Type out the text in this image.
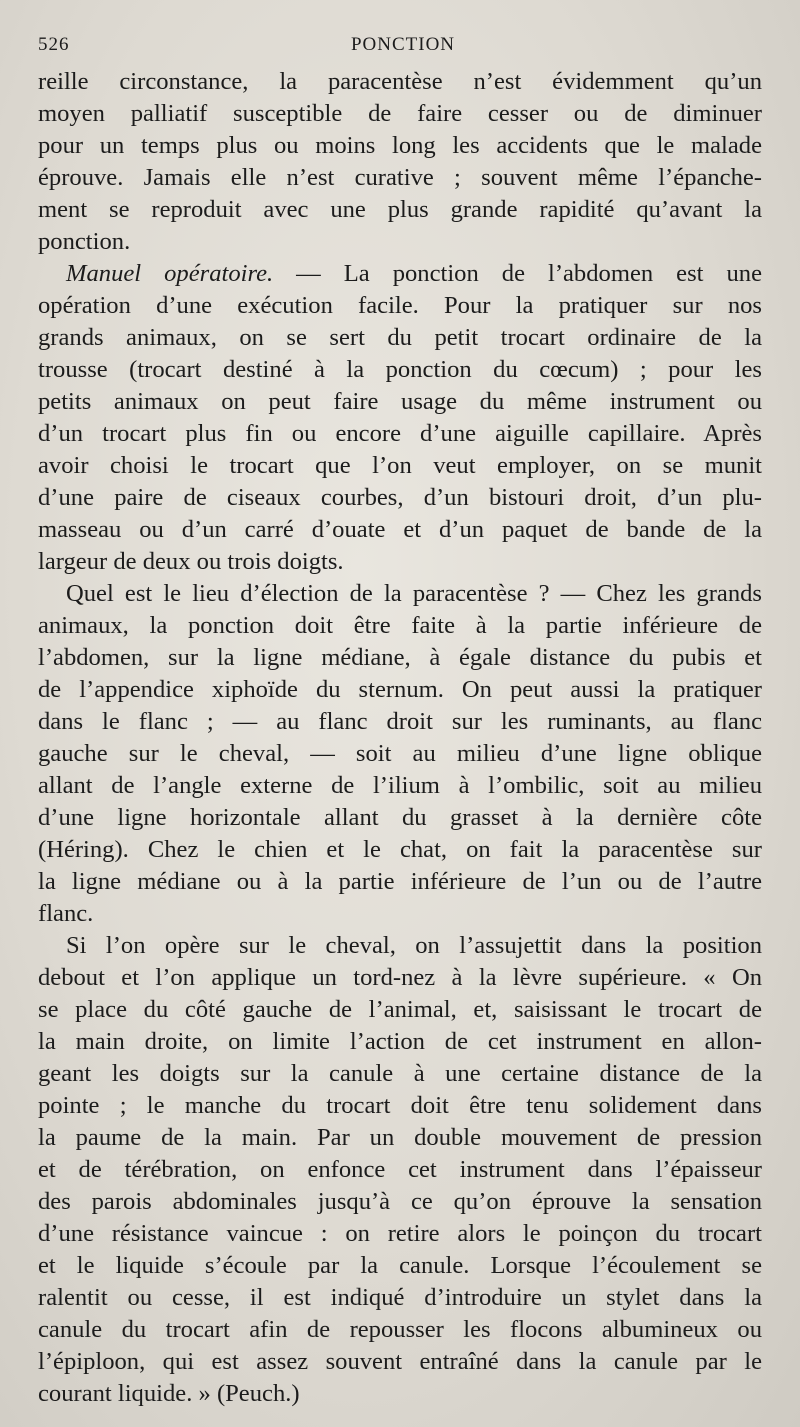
526	PONCTION
reille circonstance, la paracentèse n’est évidemment qu’un
moyen palliatif susceptible de faire cesser ou de diminuer
pour un temps plus ou moins long les accidents que le malade
éprouve. Jamais elle n’est curative ; souvent même l’épanche-
ment se reproduit avec une plus grande rapidité qu’avant la
ponction.
Manuel opératoire. — La ponction de l’abdomen est une
opération d’une exécution facile. Pour la pratiquer sur nos
grands animaux, on se sert du petit trocart ordinaire de la
trousse (trocart destiné à la ponction du cœcum) ; pour les
petits animaux on peut faire usage du même instrument ou
d’un trocart plus fin ou encore d’une aiguille capillaire. Après
avoir choisi le trocart que l’on veut employer, on se munit
d’une paire de ciseaux courbes, d’un bistouri droit, d’un plu-
masseau ou d’un carré d’ouate et d’un paquet de bande de la
largeur de deux ou trois doigts.
Quel est le lieu d’élection de la paracentèse ? — Chez les grands
animaux, la ponction doit être faite à la partie inférieure de
l’abdomen, sur la ligne médiane, à égale distance du pubis et
de l’appendice xiphoïde du sternum. On peut aussi la pratiquer
dans le flanc ; — au flanc droit sur les ruminants, au flanc
gauche sur le cheval, — soit au milieu d’une ligne oblique
allant de l’angle externe de l’ilium à l’ombilic, soit au milieu
d’une ligne horizontale allant du grasset à la dernière côte
(Héring). Chez le chien et le chat, on fait la paracentèse sur
la ligne médiane ou à la partie inférieure de l’un ou de l’autre
flanc.
Si l’on opère sur le cheval, on l’assujettit dans la position
debout et l’on applique un tord-nez à la lèvre supérieure. « On
se place du côté gauche de l’animal, et, saisissant le trocart de
la main droite, on limite l’action de cet instrument en allon-
geant les doigts sur la canule à une certaine distance de la
pointe ; le manche du trocart doit être tenu solidement dans
la paume de la main. Par un double mouvement de pression
et de térébration, on enfonce cet instrument dans l’épaisseur
des parois abdominales jusqu’à ce qu’on éprouve la sensation
d’une résistance vaincue : on retire alors le poinçon du trocart
et le liquide s’écoule par la canule. Lorsque l’écoulement se
ralentit ou cesse, il est indiqué d’introduire un stylet dans la
canule du trocart afin de repousser les flocons albumineux ou
l’épiploon, qui est assez souvent entraîné dans la canule par le
courant liquide. » (Peuch.)
